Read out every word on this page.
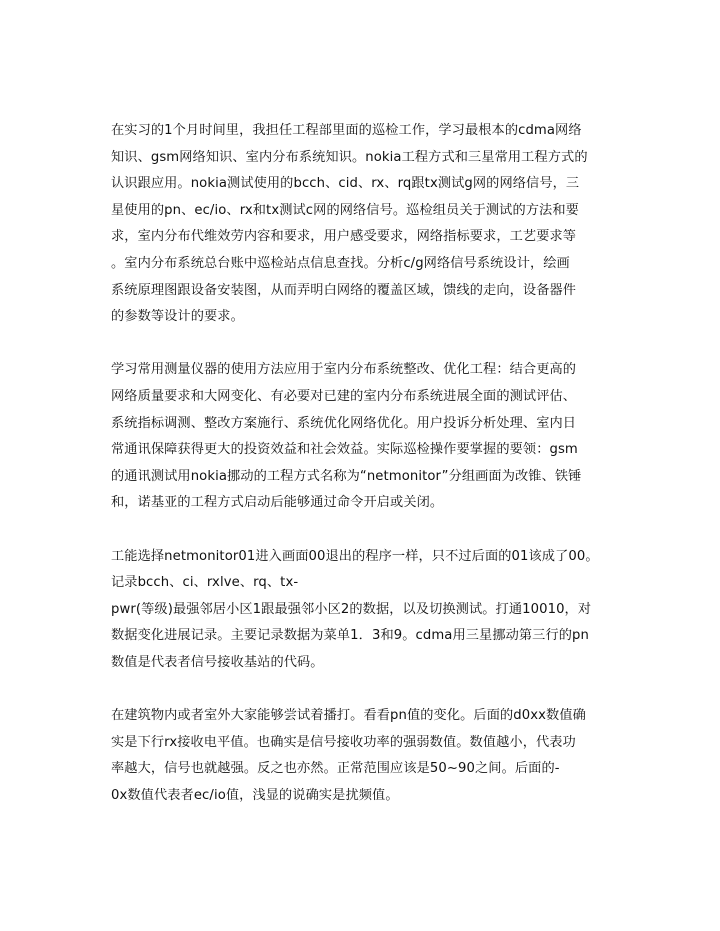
在实习的1个月时间里，我担任工程部里面的巡检工作，学习最根本的cdma网络
知识、gsm网络知识、室内分布系统知识。nokia工程方式和三星常用工程方式的
认识跟应用。nokia测试使用的bcch、cid、rx、rq跟tx测试g网的网络信号，三
星使用的pn、ec/io、rx和tx测试c网的网络信号。巡检组员关于测试的方法和要
求，室内分布代维效劳内容和要求，用户感受要求，网络指标要求，工艺要求等
。室内分布系统总台账中巡检站点信息查找。分析c/g网络信号系统设计，绘画
系统原理图跟设备安装图，从而弄明白网络的覆盖区域，馈线的走向，设备器件
的参数等设计的要求。
学习常用测量仪器的使用方法应用于室内分布系统整改、优化工程：结合更高的
网络质量要求和大网变化、有必要对已建的室内分布系统进展全面的测试评估、
系统指标调测、整改方案施行、系统优化网络优化。用户投诉分析处理、室内日
常通讯保障获得更大的投资效益和社会效益。实际巡检操作要掌握的要领：gsm
的通讯测试用nokia挪动的工程方式名称为“netmonitor”分组画面为改锥、铁锤
和，诺基亚的工程方式启动后能够通过命令开启或关闭。
工能选择netmonitor01进入画面00退出的程序一样，只不过后面的01该成了00。
记录bcch、ci、rxlve、rq、tx-
pwr(等级)最强邻居小区1跟最强邻小区2的数据，以及切换测试。打通10010，对
数据变化进展记录。主要记录数据为菜单1．3和9。cdma用三星挪动第三行的pn
数值是代表者信号接收基站的代码。
在建筑物内或者室外大家能够尝试着播打。看看pn值的变化。后面的d0xx数值确
实是下行rx接收电平值。也确实是信号接收功率的强弱数值。数值越小，代表功
率越大，信号也就越强。反之也亦然。正常范围应该是50~90之间。后面的-
0x数值代表者ec/io值，浅显的说确实是扰频值。
